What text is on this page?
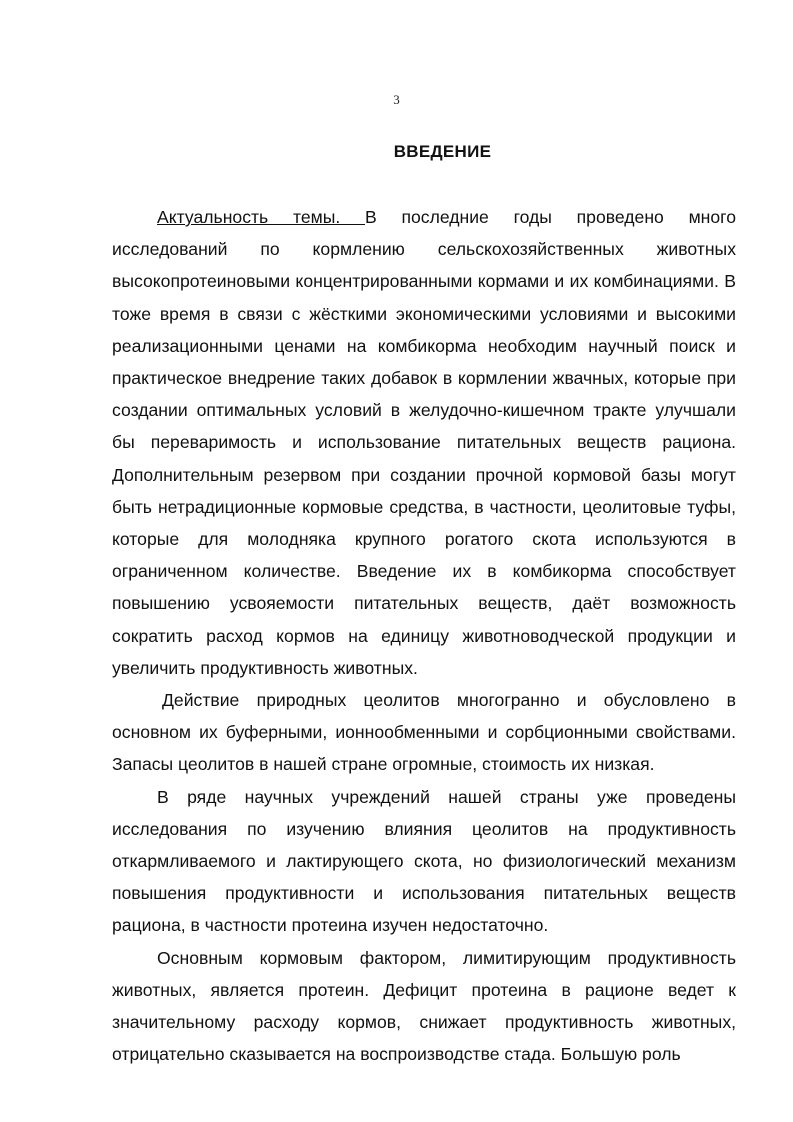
3
ВВЕДЕНИЕ

Актуальность темы. В последние годы проведено много исследований по кормлению сельскохозяйственных животных высокопротеиновыми концентрированными кормами и их комбинациями. В тоже время в связи с жёсткими экономическими условиями и высокими реализационными ценами на комбикорма необходим научный поиск и практическое внедрение таких добавок в кормлении жвачных, которые при создании оптимальных условий в желудочно-кишечном тракте улучшали бы переваримость и использование питательных веществ рациона. Дополнительным резервом при создании прочной кормовой базы могут быть нетрадиционные кормовые средства, в частности, цеолитовые туфы, которые для молодняка крупного рогатого скота используются в ограниченном количестве. Введение их в комбикорма способствует повышению усвояемости питательных веществ, даёт возможность сократить расход кормов на единицу животноводческой продукции и увеличить продуктивность животных.

Действие природных цеолитов многогранно и обусловлено в основном их буферными, ионнообменными и сорбционными свойствами. Запасы цеолитов в нашей стране огромные, стоимость их низкая.

В ряде научных учреждений нашей страны уже проведены исследования по изучению влияния цеолитов на продуктивность откармливаемого и лактирующего скота, но физиологический механизм повышения продуктивности и использования питательных веществ рациона, в частности протеина изучен недостаточно.

Основным кормовым фактором, лимитирующим продуктивность животных, является протеин. Дефицит протеина в рационе ведет к значительному расходу кормов, снижает продуктивность животных, отрицательно сказывается на воспроизводстве стада. Большую роль
